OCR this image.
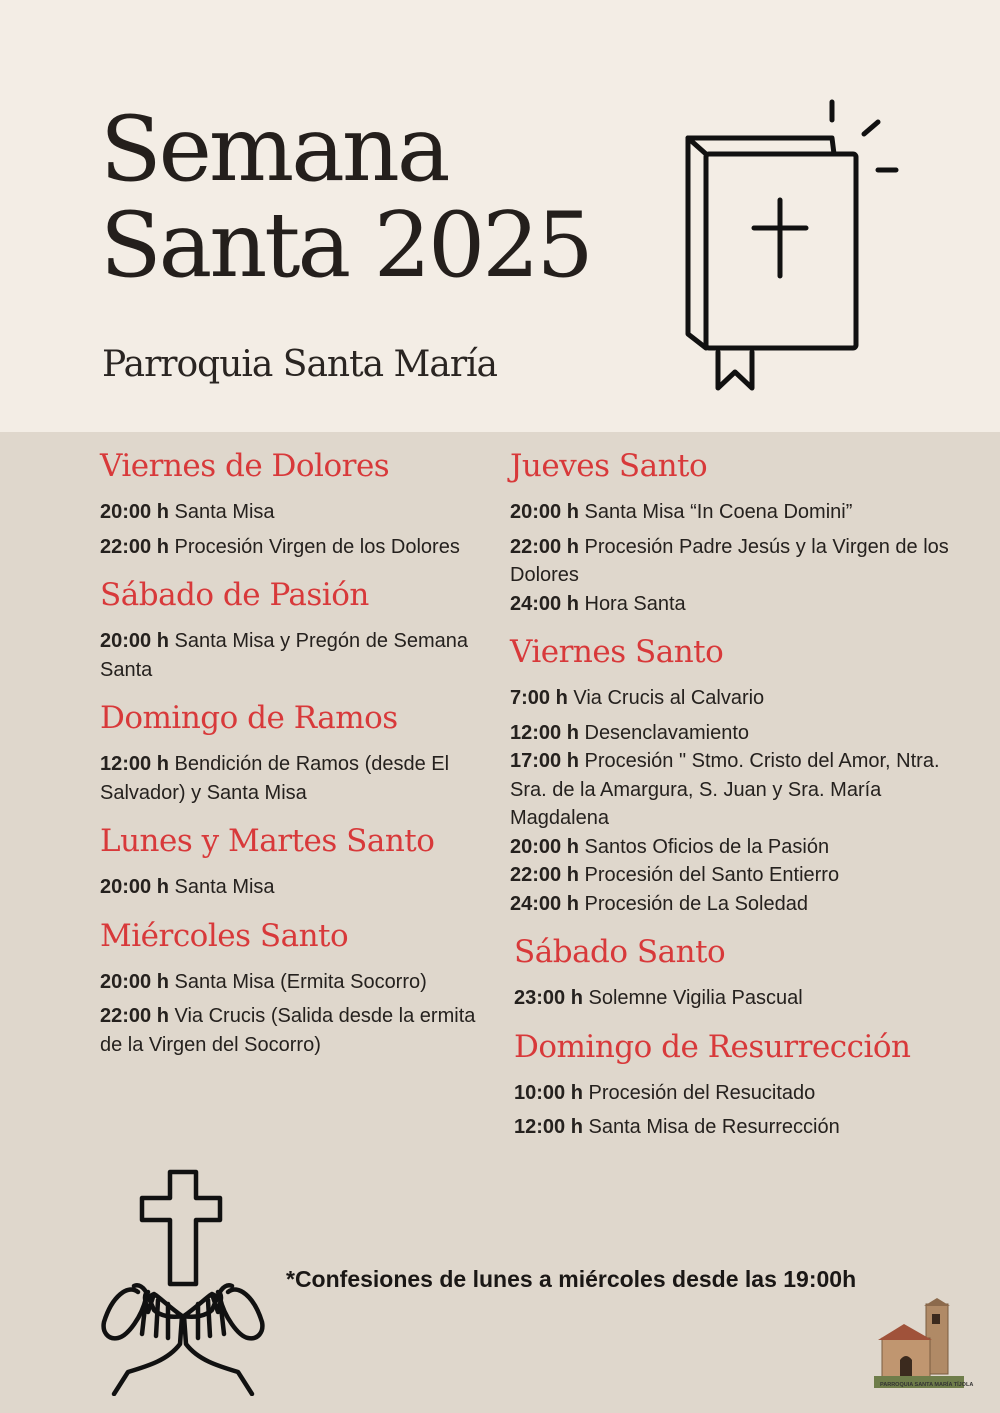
Semana
Santa 2025
Parroquia Santa María
Viernes de Dolores
20:00 h Santa Misa
22:00 h Procesión Virgen de los Dolores
Sábado de Pasión
20:00 h Santa Misa y Pregón de Semana Santa
Domingo de Ramos
12:00 h Bendición de Ramos (desde El Salvador) y Santa Misa
Lunes y Martes Santo
20:00 h Santa Misa
Miércoles Santo
20:00 h Santa Misa (Ermita Socorro)
22:00 h Via Crucis (Salida desde la ermita de la Virgen del Socorro)
Jueves Santo
20:00 h Santa Misa “In Coena Domini”
22:00 h Procesión Padre Jesús y la Virgen de los Dolores
24:00 h Hora Santa
Viernes Santo
7:00 h Via Crucis al Calvario
12:00 h Desenclavamiento
17:00 h Procesión " Stmo. Cristo del Amor, Ntra. Sra. de la Amargura, S. Juan y Sra. María Magdalena
20:00 h Santos Oficios de la Pasión
22:00 h Procesión del Santo Entierro
24:00 h Procesión de La Soledad
Sábado Santo
23:00 h Solemne Vigilia Pascual
Domingo de Resurrección
10:00 h Procesión del Resucitado
12:00 h Santa Misa de Resurrección
*Confesiones de lunes a miércoles desde las 19:00h
PARROQUIA SANTA MARÍA TÍJOLA
